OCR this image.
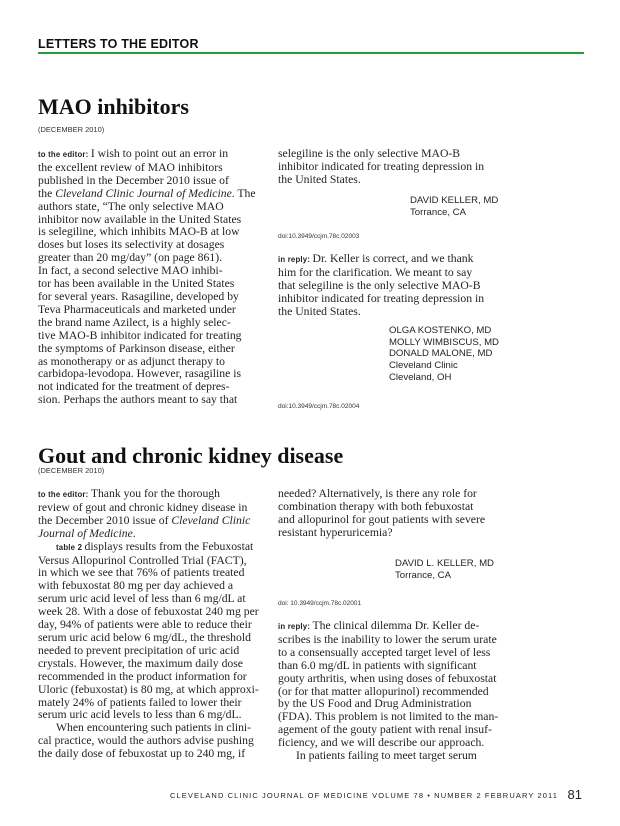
LETTERS TO THE EDITOR
MAO inhibitors
(DECEMBER 2010)

to the editor: I wish to point out an error in

the excellent review of MAO inhibitors

published in the December 2010 issue of

the Cleveland Clinic Journal of Medicine. The

authors state, “The only selective MAO

inhibitor now available in the United States

is selegiline, which inhibits MAO-B at low

doses but loses its selectivity at dosages

greater than 20 mg/day” (on page 861).

In fact, a second selective MAO inhibi-

tor has been available in the United States

for several years. Rasagiline, developed by

Teva Pharmaceuticals and marketed under

the brand name Azilect, is a highly selec-

tive MAO-B inhibitor indicated for treating

the symptoms of Parkinson disease, either

as monotherapy or as adjunct therapy to

carbidopa-levodopa. However, rasagiline is

not indicated for the treatment of depres-

sion. Perhaps the authors meant to say that

selegiline is the only selective MAO-B

inhibitor indicated for treating depression in

the United States.

DAVID KELLER, MD
Torrance, CA
doi:10.3949/ccjm.78c.02003

in reply: Dr. Keller is correct, and we thank

him for the clarification. We meant to say

that selegiline is the only selective MAO-B

inhibitor indicated for treating depression in

the United States.

OLGA KOSTENKO, MD
MOLLY WIMBISCUS, MD
DONALD MALONE, MD
Cleveland Clinic
Cleveland, OH
doi:10.3949/ccjm.78c.02004
Gout and chronic kidney disease
(DECEMBER 2010)

to the editor: Thank you for the thorough

review of gout and chronic kidney disease in

the December 2010 issue of Cleveland Clinic

Journal of Medicine.

table 2 displays results from the Febuxostat

Versus Allopurinol Controlled Trial (FACT),

in which we see that 76% of patients treated

with febuxostat 80 mg per day achieved a

serum uric acid level of less than 6 mg/dL at

week 28. With a dose of febuxostat 240 mg per

day, 94% of patients were able to reduce their

serum uric acid below 6 mg/dL, the threshold

needed to prevent precipitation of uric acid

crystals. However, the maximum daily dose

recommended in the product information for

Uloric (febuxostat) is 80 mg, at which approxi-

mately 24% of patients failed to lower their

serum uric acid levels to less than 6 mg/dL.

When encountering such patients in clini-

cal practice, would the authors advise pushing

the daily dose of febuxostat up to 240 mg, if

needed? Alternatively, is there any role for

combination therapy with both febuxostat

and allopurinol for gout patients with severe

resistant hyperuricemia?

DAVID L. KELLER, MD
Torrance, CA
doi: 10.3949/ccjm.78c.02001

in reply: The clinical dilemma Dr. Keller de-

scribes is the inability to lower the serum urate

to a consensually accepted target level of less

than 6.0 mg/dL in patients with significant

gouty arthritis, when using doses of febuxostat

(or for that matter allopurinol) recommended

by the US Food and Drug Administration

(FDA). This problem is not limited to the man-

agement of the gouty patient with renal insuf-

ficiency, and we will describe our approach.

In patients failing to meet target serum

CLEVELAND CLINIC JOURNAL OF MEDICINE VOLUME 78 • NUMBER 2 FEBRUARY 2011 81
